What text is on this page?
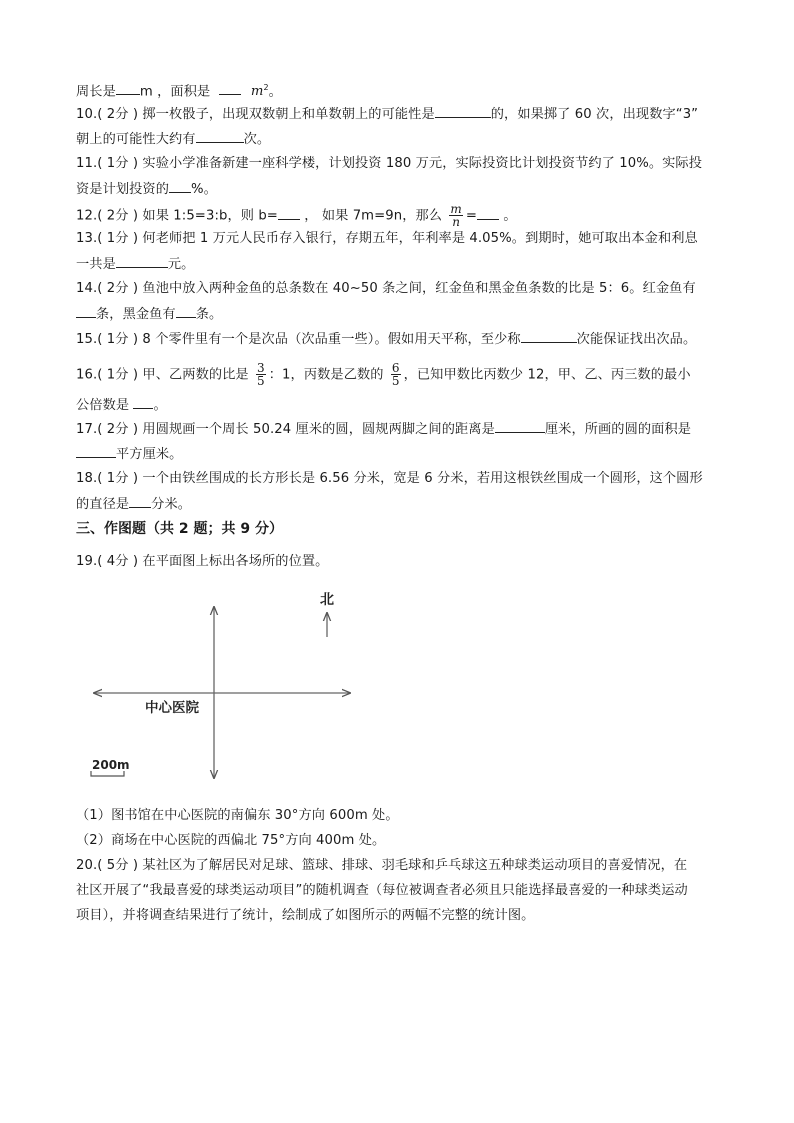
周长是 m ，面积是	$m^2$。
10.( 2分 ) 掷一枚骰子，出现双数朝上和单数朝上的可能性是	的，如果掷了 60 次，出现数字“3”
朝上的可能性大约有	次。
11.( 1分 ) 实验小学准备新建一座科学楼，计划投资 180 万元，实际投资比计划投资节约了 10%。实际投
资是计划投资的 %。
12.( 2分 ) 如果 1:5=3:b，则 b= ， 如果 7m=9n，那么 $\frac{m}{n}$ = 。
13.( 1分 ) 何老师把 1 万元人民币存入银行，存期五年，年利率是 4.05%。到期时，她可取出本金和利息
一共是	元。
14.( 2分 ) 鱼池中放入两种金鱼的总条数在 40~50 条之间，红金鱼和黑金鱼条数的比是 5：6。红金鱼有
条，黑金鱼有 条。
15.( 1分 ) 8 个零件里有一个是次品（次品重一些）。假如用天平称，至少称	次能保证找出次品。
16.( 1分 ) 甲、乙两数的比是 $\frac{3}{5}$ ：1，丙数是乙数的 $\frac{6}{5}$ ，已知甲数比丙数少 12，甲、乙、丙三数的最小
公倍数是 。
17.( 2分 ) 用圆规画一个周长 50.24 厘米的圆，圆规两脚之间的距离是	厘米，所画的圆的面积是
平方厘米。
18.( 1分 ) 一个由铁丝围成的长方形长是 6.56 分米，宽是 6 分米，若用这根铁丝围成一个圆形，这个圆形
的直径是 分米。
三、作图题（共 2 题；共 9 分）
19.( 4分 ) 在平面图上标出各场所的位置。
北
中心医院
200m
（1）图书馆在中心医院的南偏东 30°方向 600m 处。
（2）商场在中心医院的西偏北 75°方向 400m 处。
20.( 5分 ) 某社区为了解居民对足球、篮球、排球、羽毛球和乒乓球这五种球类运动项目的喜爱情况，在
社区开展了“我最喜爱的球类运动项目”的随机调查（每位被调查者必须且只能选择最喜爱的一种球类运动
项目），并将调查结果进行了统计，绘制成了如图所示的两幅不完整的统计图。
